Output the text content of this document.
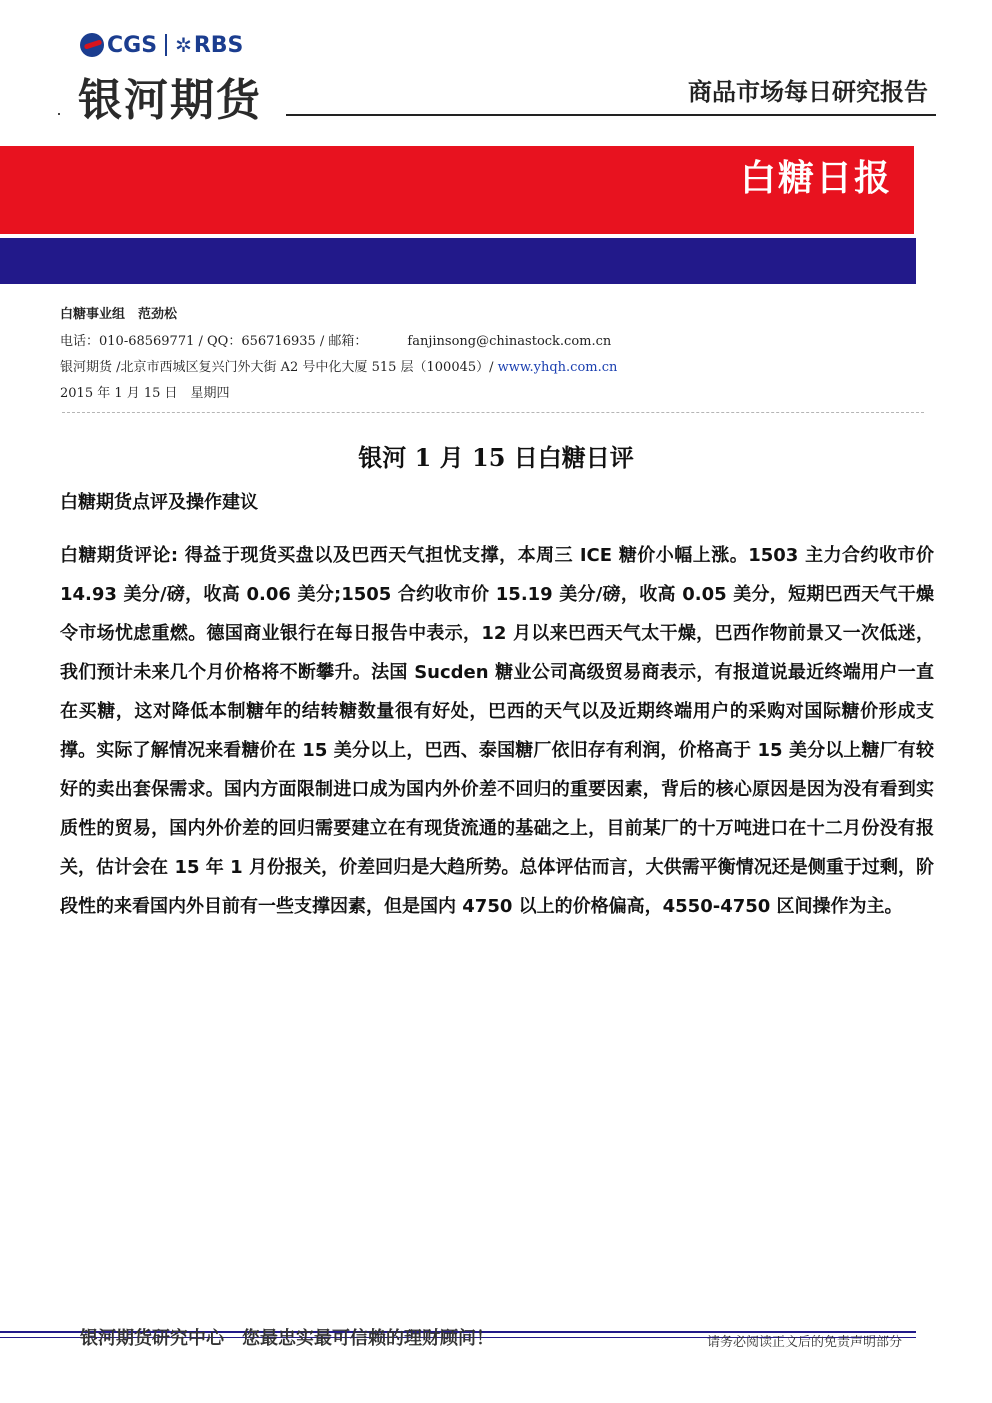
CGS ✲ RBS
银河期货	商品市场每日研究报告
白糖日报
白糖事业组　范劲松
电话：010-68569771 / QQ：656716935 / 邮箱：	fanjinsong@chinastock.com.cn
银河期货 /北京市西城区复兴门外大街 A2 号中化大厦 515 层（100045）/ www.yhqh.com.cn
2015 年 1 月 15 日　星期四
银河 1 月 15 日白糖日评
白糖期货点评及操作建议

白糖期货评论: 得益于现货买盘以及巴西天气担忧支撑，本周三 ICE 糖价小幅上涨。1503 主力合约收市价 14.93 美分/磅，收高 0.06 美分;1505 合约收市价 15.19 美分/磅，收高 0.05 美分，短期巴西天气干燥令市场忧虑重燃。德国商业银行在每日报告中表示，12 月以来巴西天气太干燥，巴西作物前景又一次低迷，我们预计未来几个月价格将不断攀升。法国 Sucden 糖业公司高级贸易商表示，有报道说最近终端用户一直在买糖，这对降低本制糖年的结转糖数量很有好处，巴西的天气以及近期终端用户的采购对国际糖价形成支撑。实际了解情况来看糖价在 15 美分以上，巴西、泰国糖厂依旧存有利润，价格高于 15 美分以上糖厂有较好的卖出套保需求。国内方面限制进口成为国内外价差不回归的重要因素，背后的核心原因是因为没有看到实质性的贸易，国内外价差的回归需要建立在有现货流通的基础之上，目前某厂的十万吨进口在十二月份没有报关，估计会在 15 年 1 月份报关，价差回归是大趋所势。总体评估而言，大供需平衡情况还是侧重于过剩，阶段性的来看国内外目前有一些支撑因素，但是国内 4750 以上的价格偏高，4550-4750 区间操作为主。

银河期货研究中心　您最忠实最可信赖的理财顾问！	请务必阅读正文后的免责声明部分
